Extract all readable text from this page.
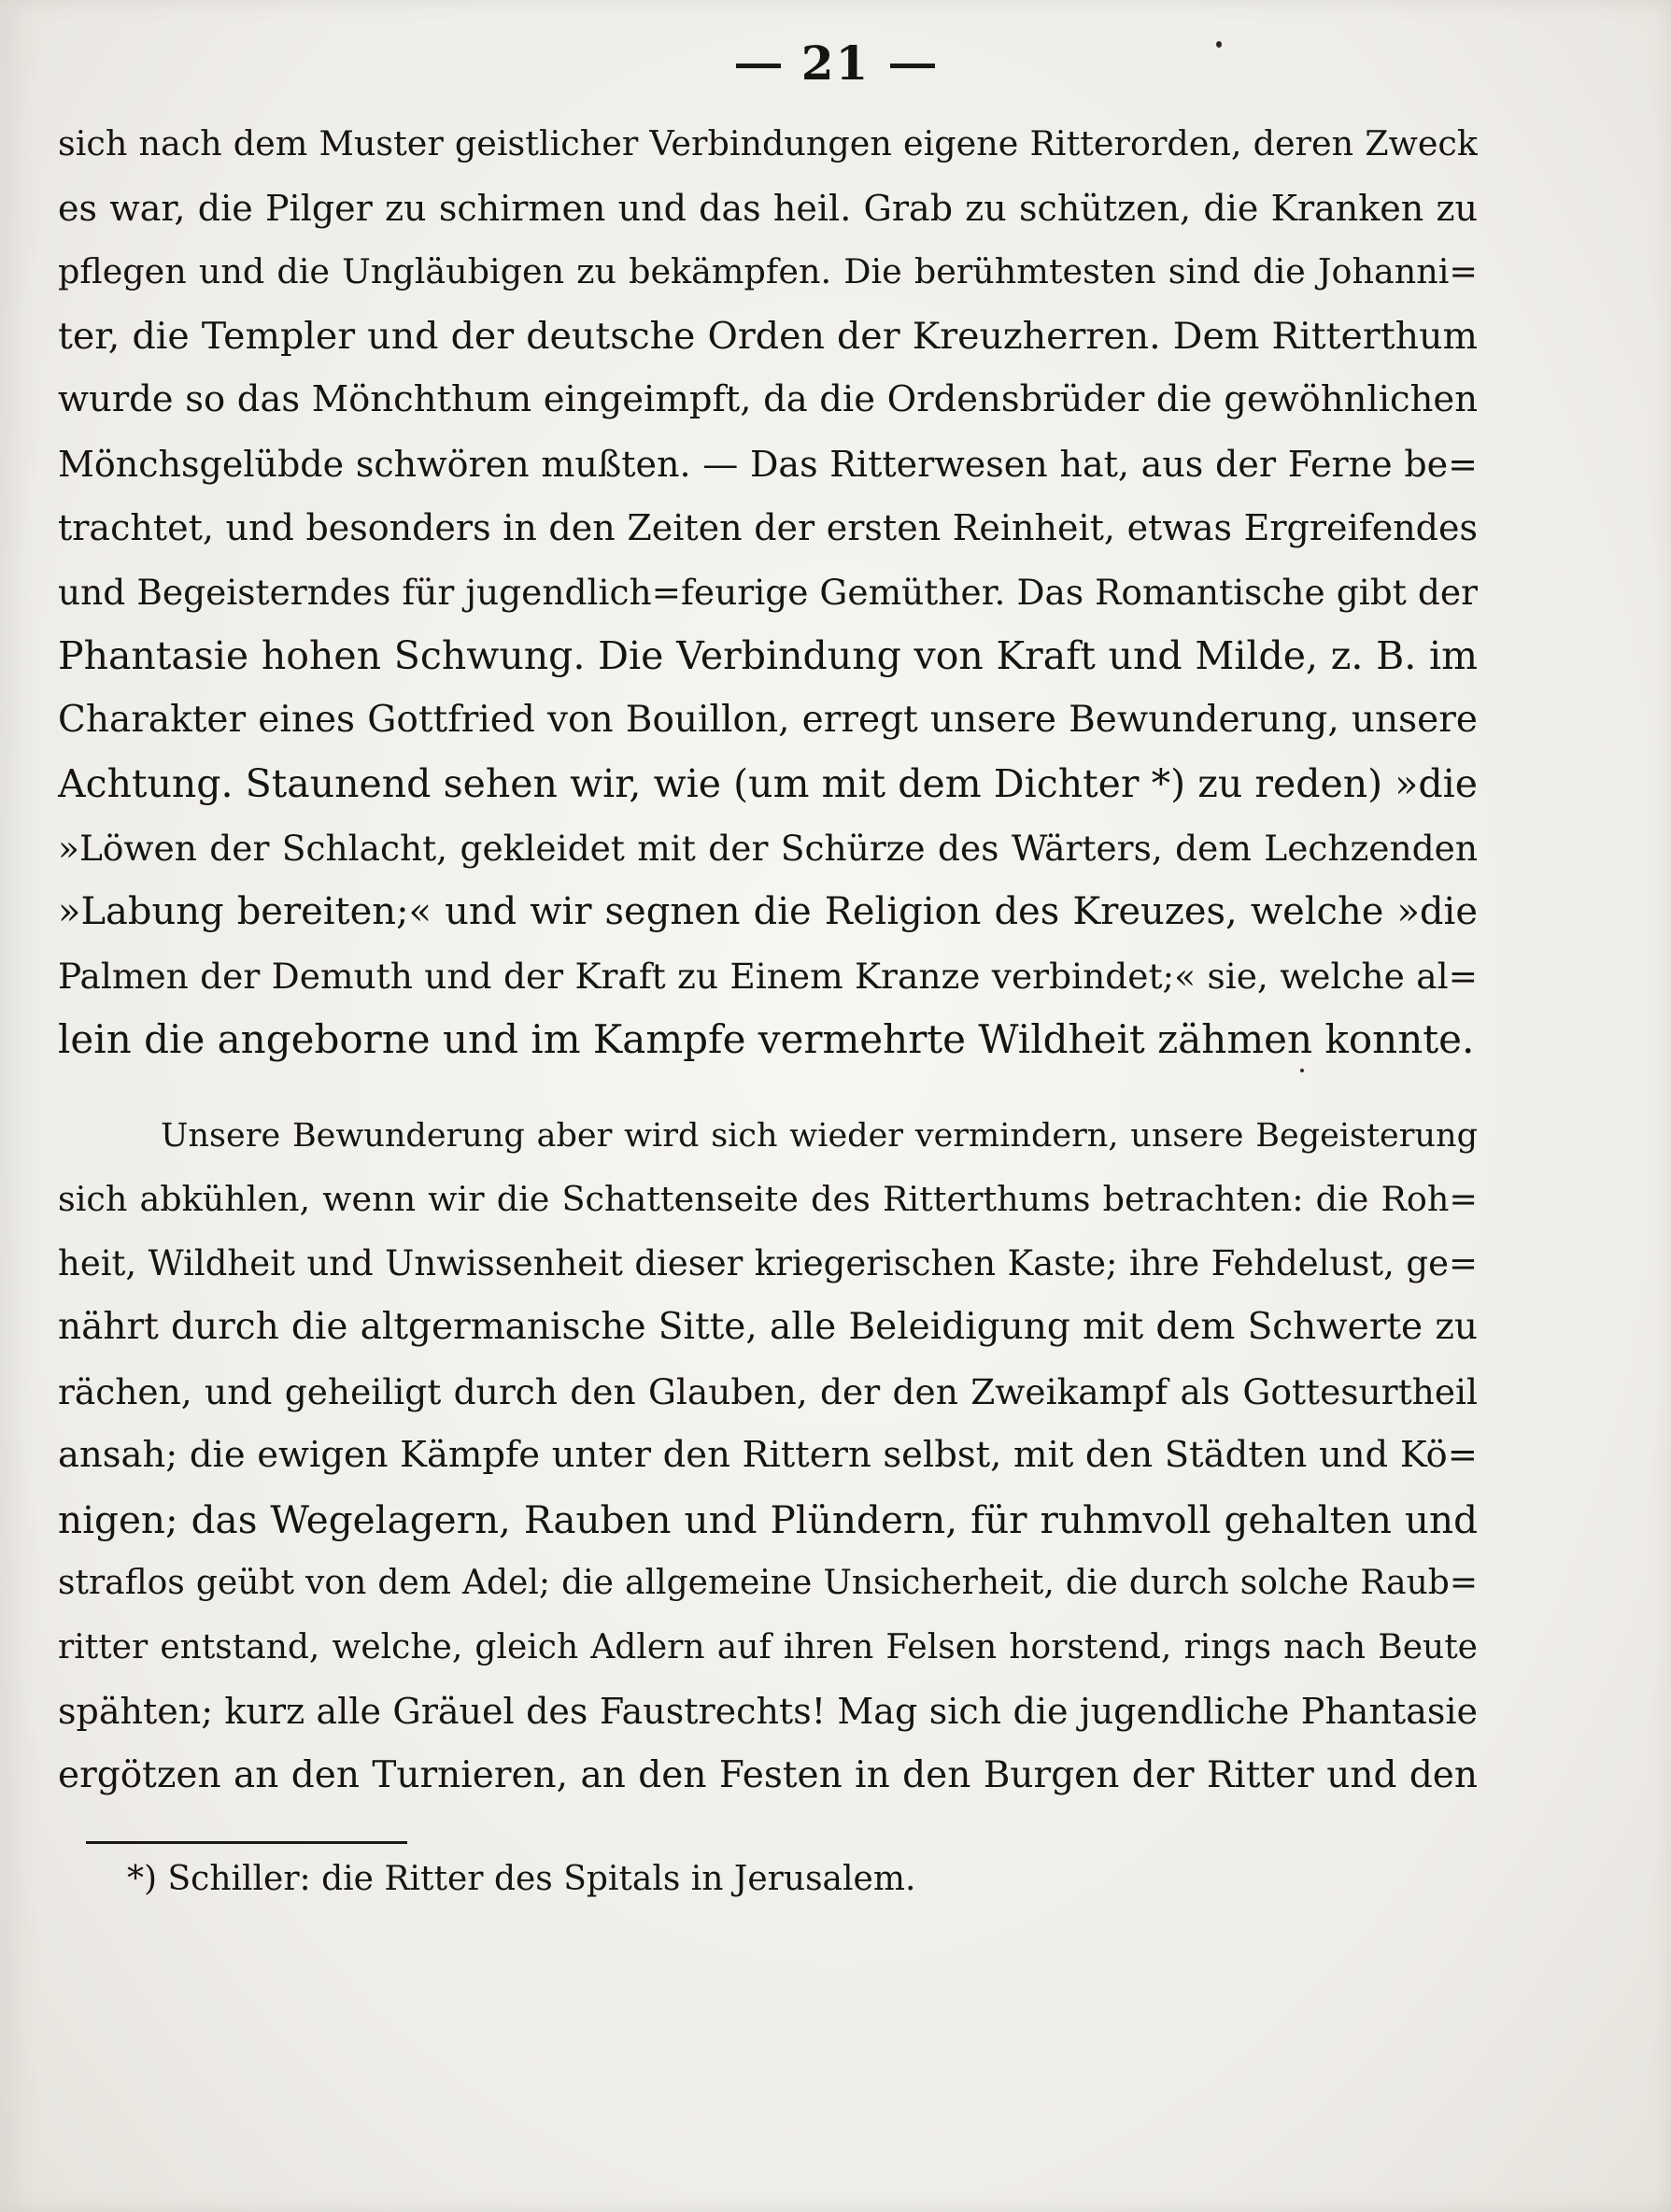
21
sich nach dem Muster geistlicher Verbindungen eigene Ritterorden, deren Zweck
es war, die Pilger zu schirmen und das heil. Grab zu schützen, die Kranken zu
pflegen und die Ungläubigen zu bekämpfen. Die berühmtesten sind die Johanni=
ter, die Templer und der deutsche Orden der Kreuzherren. Dem Ritterthum
wurde so das Mönchthum eingeimpft, da die Ordensbrüder die gewöhnlichen
Mönchsgelübde schwören mußten. — Das Ritterwesen hat, aus der Ferne be=
trachtet, und besonders in den Zeiten der ersten Reinheit, etwas Ergreifendes
und Begeisterndes für jugendlich=feurige Gemüther. Das Romantische gibt der
Phantasie hohen Schwung. Die Verbindung von Kraft und Milde, z. B. im
Charakter eines Gottfried von Bouillon, erregt unsere Bewunderung, unsere
Achtung. Staunend sehen wir, wie (um mit dem Dichter *) zu reden) »die
»Löwen der Schlacht, gekleidet mit der Schürze des Wärters, dem Lechzenden
»Labung bereiten;« und wir segnen die Religion des Kreuzes, welche »die
Palmen der Demuth und der Kraft zu Einem Kranze verbindet;« sie, welche al=
lein die angeborne und im Kampfe vermehrte Wildheit zähmen konnte.
Unsere Bewunderung aber wird sich wieder vermindern, unsere Begeisterung
sich abkühlen, wenn wir die Schattenseite des Ritterthums betrachten: die Roh=
heit, Wildheit und Unwissenheit dieser kriegerischen Kaste; ihre Fehdelust, ge=
nährt durch die altgermanische Sitte, alle Beleidigung mit dem Schwerte zu
rächen, und geheiligt durch den Glauben, der den Zweikampf als Gottesurtheil
ansah; die ewigen Kämpfe unter den Rittern selbst, mit den Städten und Kö=
nigen; das Wegelagern, Rauben und Plündern, für ruhmvoll gehalten und
straflos geübt von dem Adel; die allgemeine Unsicherheit, die durch solche Raub=
ritter entstand, welche, gleich Adlern auf ihren Felsen horstend, rings nach Beute
spähten; kurz alle Gräuel des Faustrechts! Mag sich die jugendliche Phantasie
ergötzen an den Turnieren, an den Festen in den Burgen der Ritter und den
*) Schiller: die Ritter des Spitals in Jerusalem.
